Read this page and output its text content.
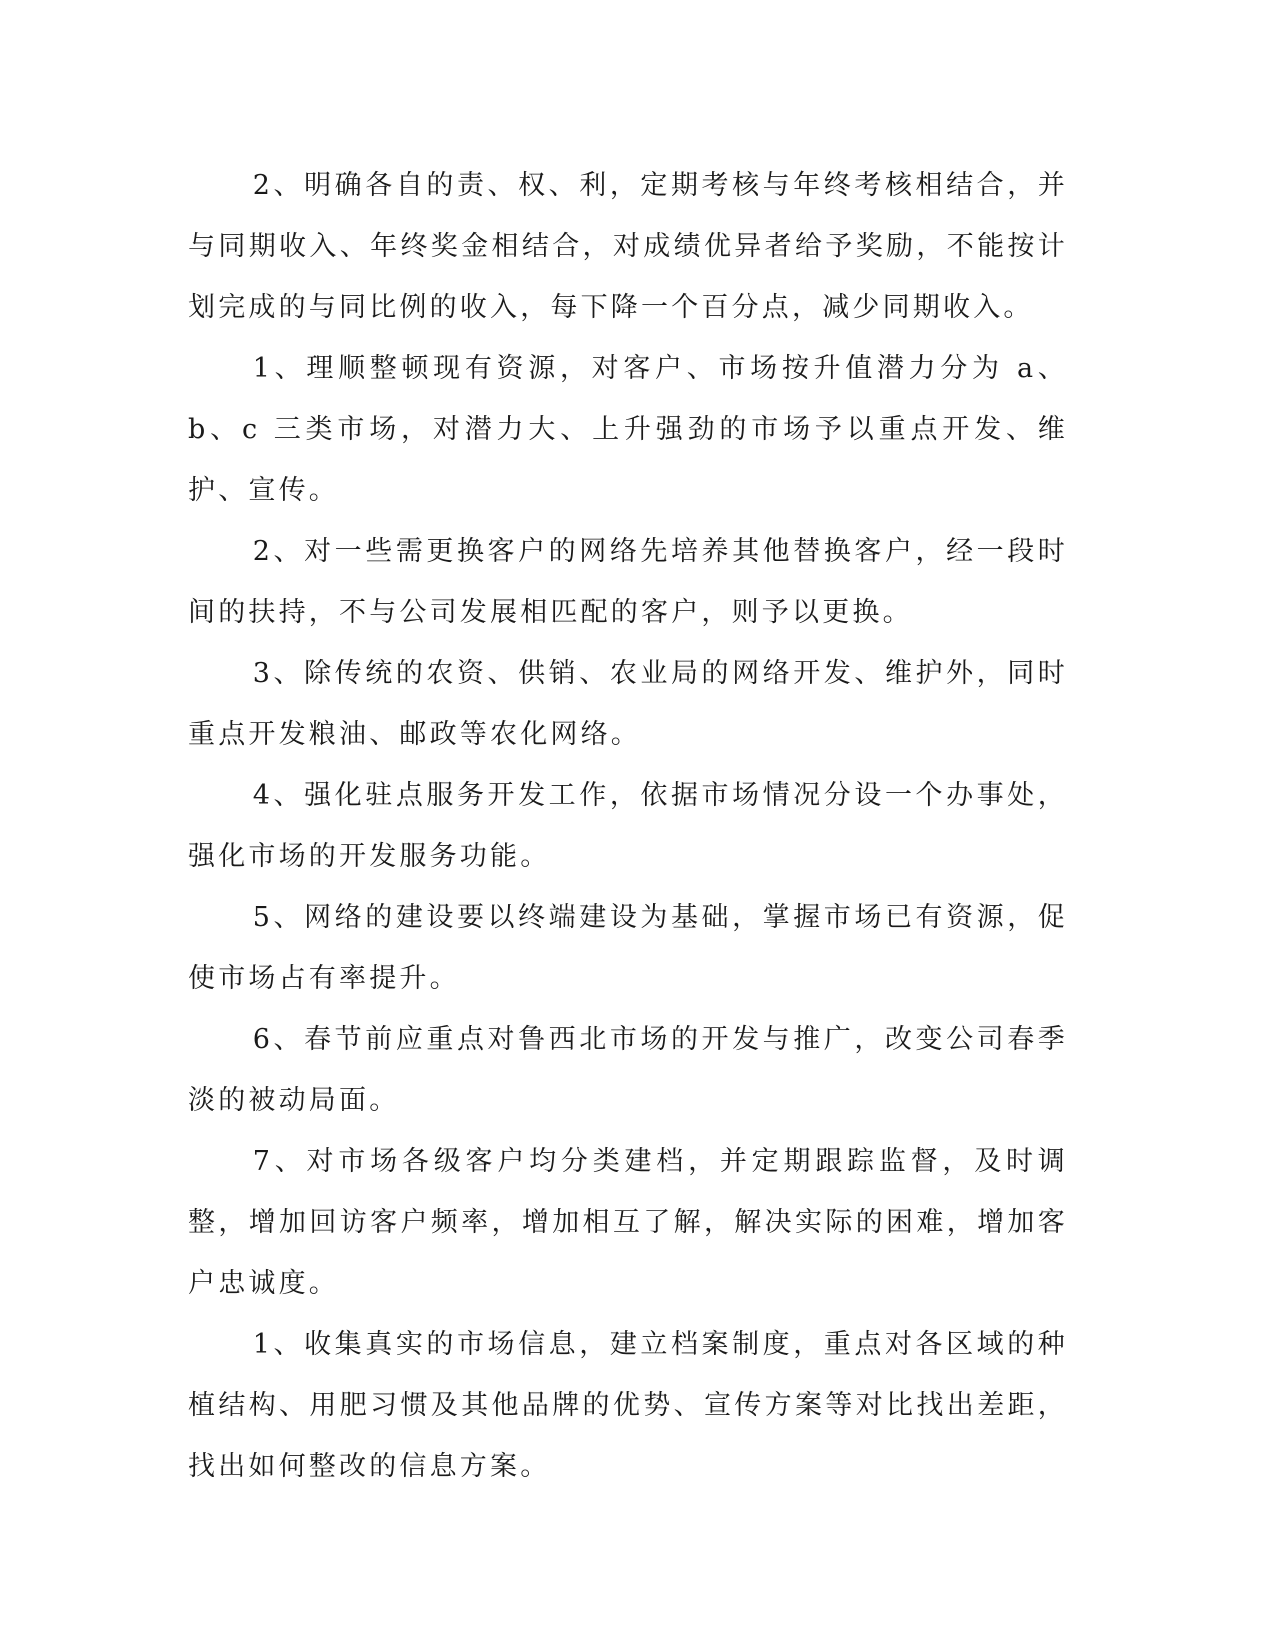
2、明确各自的责、权、利，定期考核与年终考核相结合，并与同期收入、年终奖金相结合，对成绩优异者给予奖励，不能按计划完成的与同比例的收入，每下降一个百分点，减少同期收入。

1、理顺整顿现有资源，对客户、市场按升值潜力分为 a、b、c 三类市场，对潜力大、上升强劲的市场予以重点开发、维护、宣传。

2、对一些需更换客户的网络先培养其他替换客户，经一段时间的扶持，不与公司发展相匹配的客户，则予以更换。

3、除传统的农资、供销、农业局的网络开发、维护外，同时重点开发粮油、邮政等农化网络。

4、强化驻点服务开发工作，依据市场情况分设一个办事处，强化市场的开发服务功能。

5、网络的建设要以终端建设为基础，掌握市场已有资源，促使市场占有率提升。

6、春节前应重点对鲁西北市场的开发与推广，改变公司春季淡的被动局面。

7、对市场各级客户均分类建档，并定期跟踪监督，及时调整，增加回访客户频率，增加相互了解，解决实际的困难，增加客户忠诚度。

1、收集真实的市场信息，建立档案制度，重点对各区域的种植结构、用肥习惯及其他品牌的优势、宣传方案等对比找出差距，找出如何整改的信息方案。
